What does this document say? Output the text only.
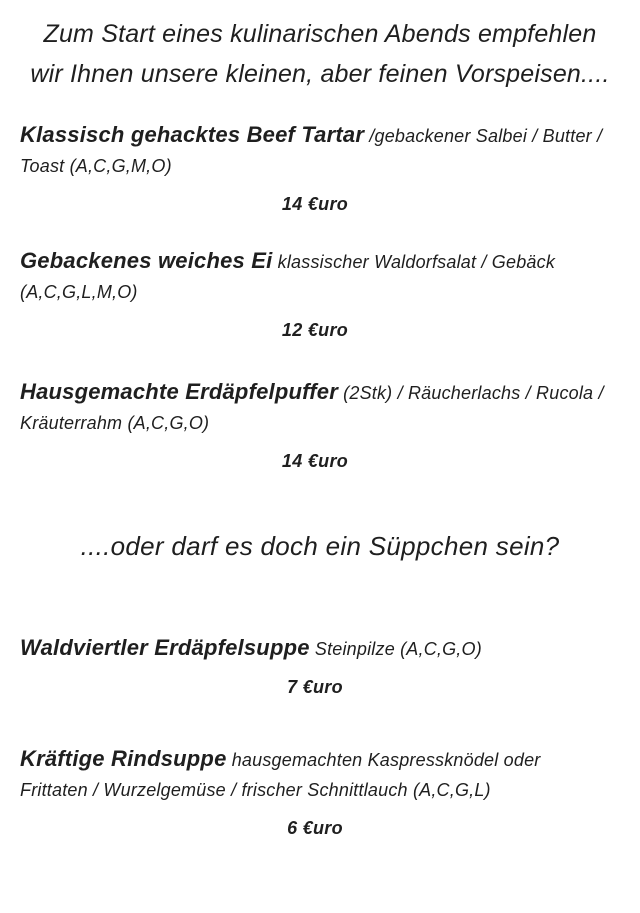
Zum Start eines kulinarischen Abends empfehlen
wir Ihnen unsere kleinen, aber feinen Vorspeisen....

Klassisch gehacktes Beef Tartar /gebackener Salbei / Butter / Toast (A,C,G,M,O)

14 €uro

Gebackenes weiches Ei klassischer Waldorfsalat / Gebäck (A,C,G,L,M,O)

12 €uro

Hausgemachte Erdäpfelpuffer (2Stk) / Räucherlachs / Rucola / Kräuterrahm (A,C,G,O)

14 €uro

....oder darf es doch ein Süppchen sein?

Waldviertler Erdäpfelsuppe Steinpilze (A,C,G,O)

7 €uro

Kräftige Rindsuppe hausgemachten Kaspressknödel oder Frittaten / Wurzelgemüse / frischer Schnittlauch (A,C,G,L)

6 €uro
